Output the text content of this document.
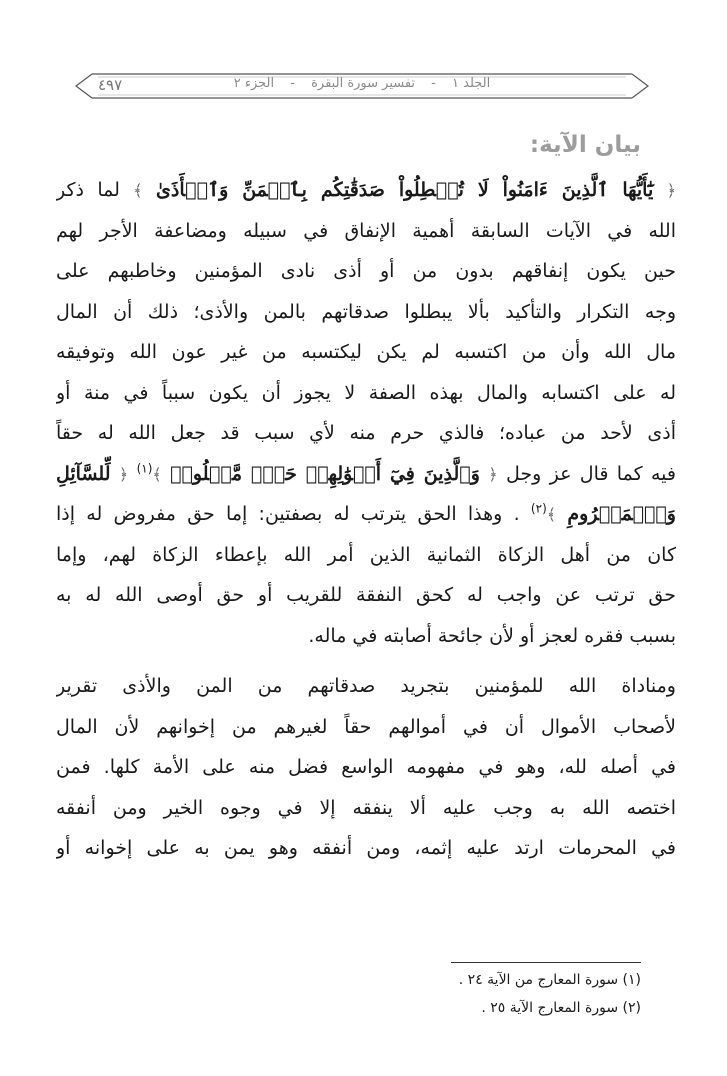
الجلد ١ - تفسير سورة البقرة - الجزء ٢
٤٩٧
بيان الآية:
﴿ يَٰٓأَيُّهَا ٱلَّذِينَ ءَامَنُواْ لَا تُبۡطِلُواْ صَدَقَٰتِكُم بِٱلۡمَنِّ وَٱلۡأَذَىٰ ﴾ لما ذكر
الله في الآيات السابقة أهمية الإنفاق في سبيله ومضاعفة الأجر لهم
حين يكون إنفاقهم بدون من أو أذى نادى المؤمنين وخاطبهم على
وجه التكرار والتأكيد بألا يبطلوا صدقاتهم بالمن والأذى؛ ذلك أن المال
مال الله وأن من اكتسبه لم يكن ليكتسبه من غير عون الله وتوفيقه
له على اكتسابه والمال بهذه الصفة لا يجوز أن يكون سبباً في منة أو
أذى لأحد من عباده؛ فالذي حرم منه لأي سبب قد جعل الله له حقاً
فيه كما قال عز وجل ﴿ وَٱلَّذِينَ فِيٓ أَمۡوَٰلِهِمۡ حَقّٞ مَّعۡلُومٞ ﴾$^{(١)}$ ﴿ لِّلسَّآئِلِ
وَٱلۡمَحۡرُومِ ﴾$^{(٢)}$ . وهذا الحق يترتب له بصفتين: إما حق مفروض له إذا
كان من أهل الزكاة الثمانية الذين أمر الله بإعطاء الزكاة لهم، وإما
حق ترتب عن واجب له كحق النفقة للقريب أو حق أوصى الله له به
بسبب فقره لعجز أو لأن جائحة أصابته في ماله.
ومناداة الله للمؤمنين بتجريد صدقاتهم من المن والأذى تقرير
لأصحاب الأموال أن في أموالهم حقاً لغيرهم من إخوانهم لأن المال
في أصله لله، وهو في مفهومه الواسع فضل منه على الأمة كلها. فمن
اختصه الله به وجب عليه ألا ينفقه إلا في وجوه الخير ومن أنفقه
في المحرمات ارتد عليه إثمه، ومن أنفقه وهو يمن به على إخوانه أو
(١) سورة المعارج من الآية ٢٤ .
(٢) سورة المعارج الآية ٢٥ .
